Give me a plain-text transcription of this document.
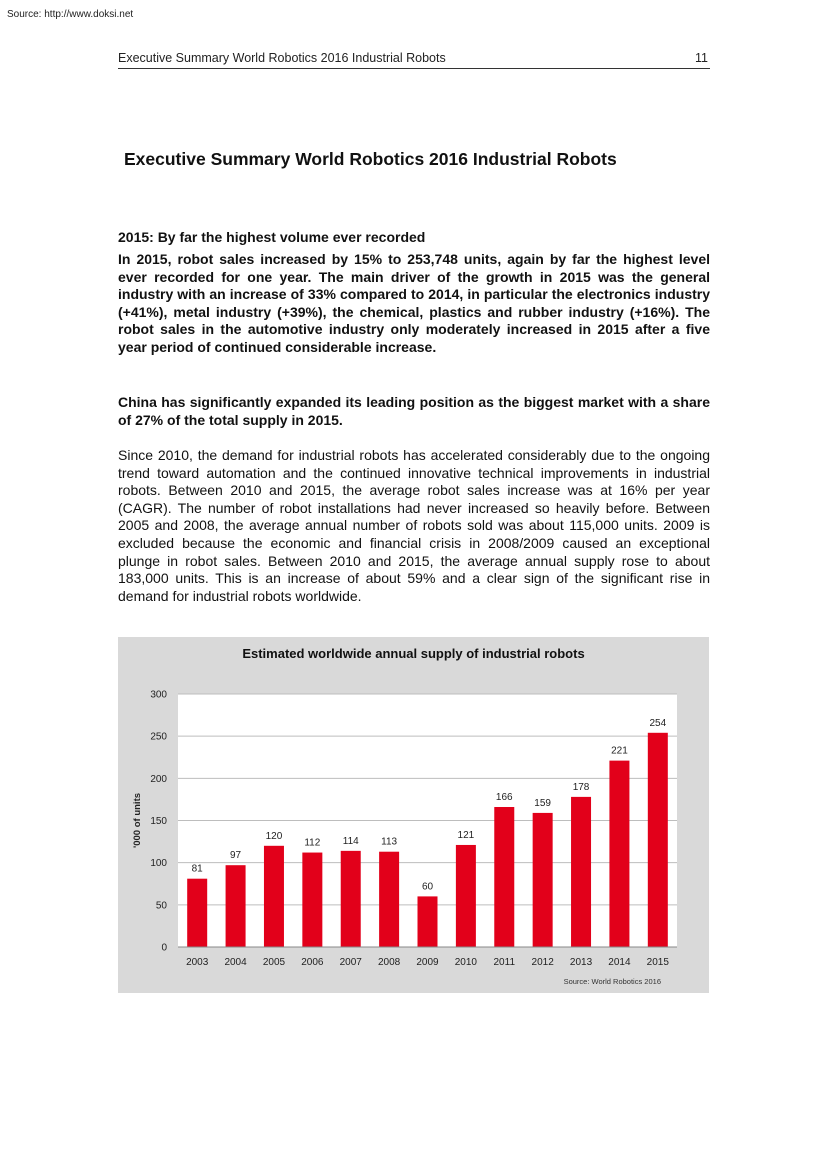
Source: http://www.doksi.net
Executive Summary World Robotics 2016 Industrial Robots	11
Executive Summary World Robotics 2016 Industrial Robots
2015: By far the highest volume ever recorded

In 2015, robot sales increased by 15% to 253,748 units, again by far the highest level ever recorded for one year. The main driver of the growth in 2015 was the general industry with an increase of 33% compared to 2014, in particular the electronics industry (+41%), metal industry (+39%), the chemical, plastics and rubber industry (+16%). The robot sales in the automotive industry only moderately increased in 2015 after a five year period of continued considerable increase.

China has significantly expanded its leading position as the biggest market with a share of 27% of the total supply in 2015.

Since 2010, the demand for industrial robots has accelerated considerably due to the ongoing trend toward automation and the continued innovative technical improvements in industrial robots. Between 2010 and 2015, the average robot sales increase was at 16% per year (CAGR). The number of robot installations had never increased so heavily before. Between 2005 and 2008, the average annual number of robots sold was about 115,000 units. 2009 is excluded because the economic and financial crisis in 2008/2009 caused an exceptional plunge in robot sales. Between 2010 and 2015, the average annual supply rose to about 183,000 units. This is an increase of about 59% and a clear sign of the significant rise in demand for industrial robots worldwide.

Estimated worldwide annual supply of industrial robots
0
50
100
150
200
250
300
'000 of units
81
2003
97
2004
120
2005
112
2006
114
2007
113
2008
60
2009
121
2010
166
2011
159
2012
178
2013
221
2014
254
2015
Source: World Robotics 2016
